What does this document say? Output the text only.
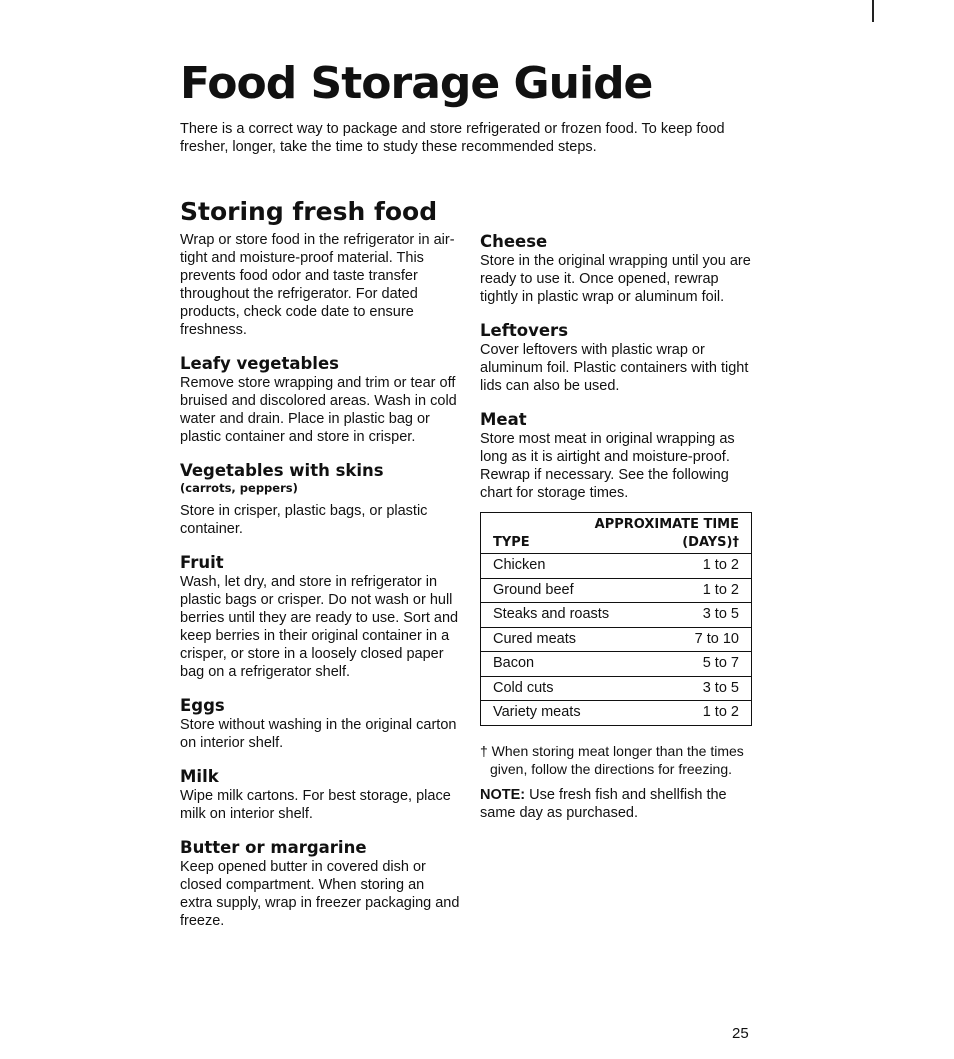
Food Storage Guide

There is a correct way to package and store refrigerated or frozen food. To keep food fresher, longer, take the time to study these recommended steps.

Storing fresh food

Wrap or store food in the refrigerator in air-tight and moisture-proof material. This prevents food odor and taste transfer throughout the refrigerator. For dated products, check code date to ensure freshness.

Leafy vegetables

Remove store wrapping and trim or tear off bruised and discolored areas. Wash in cold water and drain. Place in plastic bag or plastic container and store in crisper.

Vegetables with skins
(carrots, peppers)

Store in crisper, plastic bags, or plastic container.

Fruit

Wash, let dry, and store in refrigerator in plastic bags or crisper. Do not wash or hull berries until they are ready to use. Sort and keep berries in their original container in a crisper, or store in a loosely closed paper bag on a refrigerator shelf.

Eggs

Store without washing in the original carton on interior shelf.

Milk

Wipe milk cartons. For best storage, place milk on interior shelf.

Butter or margarine

Keep opened butter in covered dish or closed compartment. When storing an extra supply, wrap in freezer packaging and freeze.

Cheese

Store in the original wrapping until you are ready to use it. Once opened, rewrap tightly in plastic wrap or aluminum foil.

Leftovers

Cover leftovers with plastic wrap or aluminum foil. Plastic containers with tight lids can also be used.

Meat

Store most meat in original wrapping as long as it is airtight and moisture-proof. Rewrap if necessary. See the following chart for storage times.

APPROXIMATE TIME
TYPE	(DAYS)†
Chicken	1 to 2
Ground beef	1 to 2
Steaks and roasts	3 to 5
Cured meats	7 to 10
Bacon	5 to 7
Cold cuts	3 to 5
Variety meats	1 to 2

† When storing meat longer than the times given, follow the directions for freezing.

NOTE: Use fresh fish and shellfish the same day as purchased.

25
